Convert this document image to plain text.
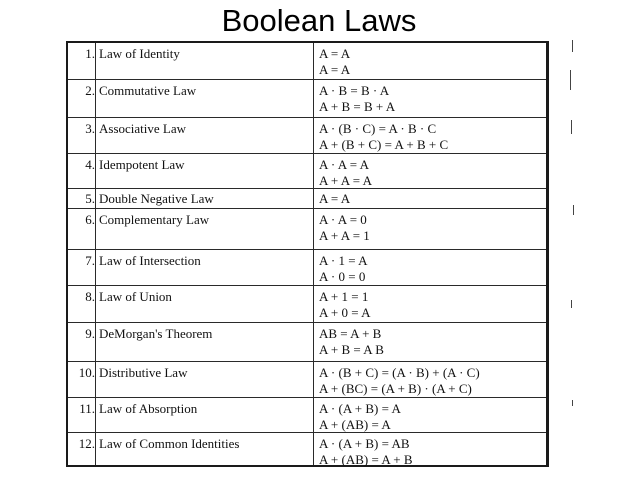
Boolean Laws
1. Law of Identity	A = A
A = A
2. Commutative Law	A · B = B · A
A + B = B + A
3. Associative Law	A · (B · C) = A · B · C
A + (B + C) = A + B + C
4. Idempotent Law	A · A = A
A + A = A
5. Double Negative Law	A = A
6. Complementary Law	A · A = 0
A + A = 1
7. Law of Intersection	A · 1 = A
A · 0 = 0
8. Law of Union	A + 1 = 1
A + 0 = A
9. DeMorgan's Theorem	AB = A + B
A + B = A B
10. Distributive Law	A · (B + C) = (A · B) + (A · C)
A + (BC) = (A + B) · (A + C)
11. Law of Absorption	A · (A + B) = A
A + (AB) = A
12. Law of Common Identities	A · (A + B) = AB
A + (AB) = A + B
